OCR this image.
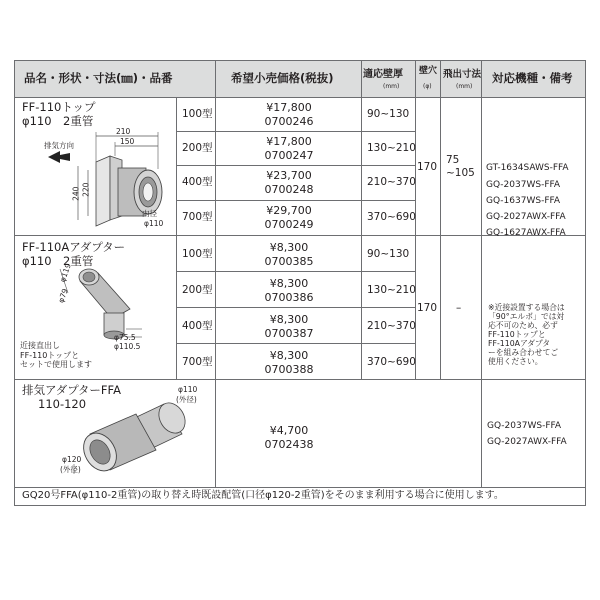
品名・形状・寸法(㎜)・品番	希望小売価格(税抜)	適応壁厚
(mm)
壁穴
(φ)
飛出寸法
(mm)
対応機種・備考
FF-110トップ
φ110　2重管
排気方向
210
150
240 220
内径
φ110
100型
200型
400型
700型
¥17,800
0700246
¥17,800
0700247
¥23,700
0700248
¥29,700
0700249
90~130
130~210
210~370
370~690
170
75
~105
FF-110Aアダプター
φ110　2重管
φ119
φ79
φ75.5
φ110.5
近接直出し
FF-110トップと
セットで使用します
100型
200型
400型
700型
¥8,300
0700385
¥8,300
0700386
¥8,300
0700387
¥8,300
0700388
90~130
130~210
210~370
370~690
170 –
GT-1634SAWS-FFA
GQ-2037WS-FFA
GQ-1637WS-FFA
GQ-2027AWX-FFA
GQ-1627AWX-FFA
※近接設置する場合は
「90°エルボ」では対
応不可のため、必ず
FF-110トップと
FF-110Aアダプタ
ーを組み合わせてご
使用ください。
排気アダプターFFA
110-120
φ110
(外径)
φ120
(外径)
¥4,700
0702438
GQ-2037WS-FFA
GQ-2027AWX-FFA
GQ20号FFA(φ110-2重管)の取り替え時既設配管(口径φ120-2重管)をそのまま利用する場合に使用します。
